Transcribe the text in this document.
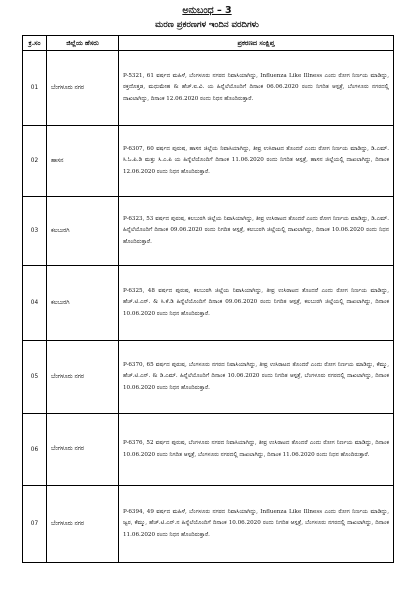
ಅನುಬಂಧ – 3
ಮರಣ ಪ್ರಕರಣಗಳ ಇಂದಿನ ವರದಿಗಳು
ಕ್ರ.ಸಂ	ಜಿಲ್ಲೆಯ ಹೆಸರು	ಪ್ರಕರಣದ ಸಂಕ್ಷಿಪ್ತ
01	ಬೆಂಗಳೂರು ನಗರ	P-5321, 61 ವರ್ಷದ ಮಹಿಳೆ, ಬೆಂಗಳೂರು ನಗರದ ನಿವಾಸಿಯಾಗಿದ್ದು, Influenza Like Illness ಎಂದು ರೋಗ ನಿರ್ಣಯ ಮಾಡಿದ್ದು, ರಕ್ತದೊತ್ತಡ, ಮಧುಮೇಹ & ಹೆಚ್.ಐ.ವಿ. ಯ ಹಿನ್ನೆಲೆಯೊಂದಿಗೆ ದಿನಾಂಕ 06.06.2020 ರಂದು ನಿಗದಿತ ಆಸ್ಪತ್ರೆ, ಬೆಂಗಳೂರು ನಗರದಲ್ಲಿ ದಾಖಲಾಗಿದ್ದು, ದಿನಾಂಕ 12.06.2020 ರಂದು ನಿಧನ ಹೊಂದಿರುತ್ತಾರೆ.
02	ಹಾಸನ	P-6307, 60 ವರ್ಷದ ಪುರುಷ, ಹಾಸನ ಜಿಲ್ಲೆಯ ನಿವಾಸಿಯಾಗಿದ್ದು, ತೀವ್ರ ಉಸಿರಾಟದ ತೊಂದರೆ ಎಂದು ರೋಗ ನಿರ್ಣಯ ಮಾಡಿದ್ದು, ಡಿ.ಎಮ್. ಸಿ.ಓ.ಪಿ.ಡಿ ಮತ್ತು ಸಿ.ಎ.ಪಿ ಯ ಹಿನ್ನೆಲೆಯೊಂದಿಗೆ ದಿನಾಂಕ 11.06.2020 ರಂದು ನಿಗದಿತ ಆಸ್ಪತ್ರೆ, ಹಾಸನ ಜಿಲ್ಲೆಯಲ್ಲಿ ದಾಖಲಾಗಿದ್ದು, ದಿನಾಂಕ 12.06.2020 ರಂದು ನಿಧನ ಹೊಂದಿರುತ್ತಾರೆ.
03	ಕಲಬುರಗಿ	P-6323, 53 ವರ್ಷದ ಪುರುಷ, ಕಲಬುರಗಿ ಜಿಲ್ಲೆಯ ನಿವಾಸಿಯಾಗಿದ್ದು, ತೀವ್ರ ಉಸಿರಾಟದ ತೊಂದರೆ ಎಂದು ರೋಗ ನಿರ್ಣಯ ಮಾಡಿದ್ದು, ಡಿ.ಎಮ್. ಹಿನ್ನೆಲೆಯೊಂದಿಗೆ ದಿನಾಂಕ 09.06.2020 ರಂದು ನಿಗದಿತ ಆಸ್ಪತ್ರೆ, ಕಲಬುರಗಿ ಜಿಲ್ಲೆಯಲ್ಲಿ ದಾಖಲಾಗಿದ್ದು, ದಿನಾಂಕ 10.06.2020 ರಂದು ನಿಧನ ಹೊಂದಿರುತ್ತಾರೆ.
04	ಕಲಬುರಗಿ	P-6325, 48 ವರ್ಷದ ಪುರುಷ, ಕಲಬುರಗಿ ಜಿಲ್ಲೆಯ ನಿವಾಸಿಯಾಗಿದ್ದು, ತೀವ್ರ ಉಸಿರಾಟದ ತೊಂದರೆ ಎಂದು ರೋಗ ನಿರ್ಣಯ ಮಾಡಿದ್ದು, ಹೆಚ್.ಟಿ.ಎನ್. & ಸಿ.ಕೆ.ಡಿ ಹಿನ್ನೆಲೆಯೊಂದಿಗೆ ದಿನಾಂಕ 09.06.2020 ರಂದು ನಿಗದಿತ ಆಸ್ಪತ್ರೆ, ಕಲಬುರಗಿ ಜಿಲ್ಲೆಯಲ್ಲಿ ದಾಖಲಾಗಿದ್ದು, ದಿನಾಂಕ 10.06.2020 ರಂದು ನಿಧನ ಹೊಂದಿರುತ್ತಾರೆ.
05	ಬೆಂಗಳೂರು ನಗರ	P-6370, 65 ವರ್ಷದ ಪುರುಷ, ಬೆಂಗಳೂರು ನಗರದ ನಿವಾಸಿಯಾಗಿದ್ದು, ತೀವ್ರ ಉಸಿರಾಟದ ತೊಂದರೆ ಎಂದು ರೋಗ ನಿರ್ಣಯ ಮಾಡಿದ್ದು, ಕೆಮ್ಮು, ಹೆಚ್.ಟಿ.ಎನ್. & ಡಿ.ಎಮ್. ಹಿನ್ನೆಲೆಯೊಂದಿಗೆ ದಿನಾಂಕ 10.06.2020 ರಂದು ನಿಗದಿತ ಆಸ್ಪತ್ರೆ, ಬೆಂಗಳೂರು ನಗರದಲ್ಲಿ ದಾಖಲಾಗಿದ್ದು, ದಿನಾಂಕ 10.06.2020 ರಂದು ನಿಧನ ಹೊಂದಿರುತ್ತಾರೆ.
06	ಬೆಂಗಳೂರು ನಗರ	P-6376, 52 ವರ್ಷದ ಪುರುಷ, ಬೆಂಗಳೂರು ನಗರದ ನಿವಾಸಿಯಾಗಿದ್ದು, ತೀವ್ರ ಉಸಿರಾಟದ ತೊಂದರೆ ಎಂದು ರೋಗ ನಿರ್ಣಯ ಮಾಡಿದ್ದು, ದಿನಾಂಕ 10.06.2020 ರಂದು ನಿಗದಿತ ಆಸ್ಪತ್ರೆ, ಬೆಂಗಳೂರು ನಗರದಲ್ಲಿ ದಾಖಲಾಗಿದ್ದು, ದಿನಾಂಕ 11.06.2020 ರಂದು ನಿಧನ ಹೊಂದಿರುತ್ತಾರೆ.
07	ಬೆಂಗಳೂರು ನಗರ	P-6394, 49 ವರ್ಷದ ಮಹಿಳೆ, ಬೆಂಗಳೂರು ನಗರದ ನಿವಾಸಿಯಾಗಿದ್ದು, Influenza Like Illness ಎಂದು ರೋಗ ನಿರ್ಣಯ ಮಾಡಿದ್ದು, ಜ್ವರ, ಕೆಮ್ಮು, ಹೆಚ್.ಟಿ.ಎನ್.ನ ಹಿನ್ನೆಲೆಯೊಂದಿಗೆ ದಿನಾಂಕ 10.06.2020 ರಂದು ನಿಗದಿತ ಆಸ್ಪತ್ರೆ, ಬೆಂಗಳೂರು ನಗರದಲ್ಲಿ ದಾಖಲಾಗಿದ್ದು, ದಿನಾಂಕ 11.06.2020 ರಂದು ನಿಧನ ಹೊಂದಿರುತ್ತಾರೆ.
